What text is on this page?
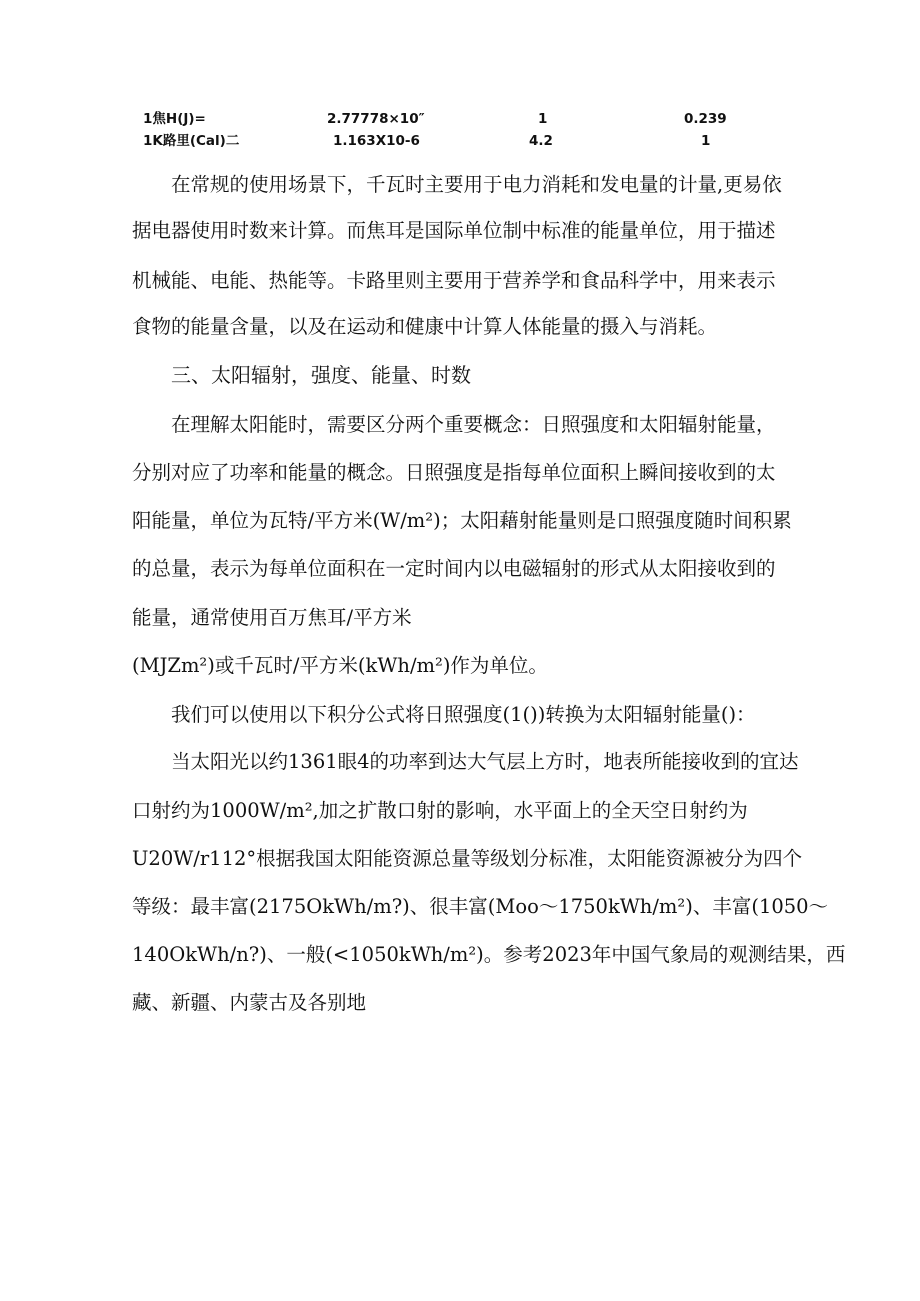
1焦H(J)=	2.77778×10″	1	0.239
1K路里(Cal)二	1.163X10-6	4.2	1
在常规的使用场景下，千瓦时主要用于电力消耗和发电量的计量,更易依
据电器使用时数来计算。而焦耳是国际单位制中标准的能量单位，用于描述
机械能、电能、热能等。卡路里则主要用于营养学和食品科学中，用来表示
食物的能量含量，以及在运动和健康中计算人体能量的摄入与消耗。
三、太阳辐射，强度、能量、时数
在理解太阳能时，需要区分两个重要概念：日照强度和太阳辐射能量，
分别对应了功率和能量的概念。日照强度是指每单位面积上瞬间接收到的太
阳能量，单位为瓦特/平方米(W∕m²)；太阳藉射能量则是口照强度随时间积累
的总量，表示为每单位面积在一定时间内以电磁辐射的形式从太阳接收到的
能量，通常使用百万焦耳/平方米
(MJZm²)或千瓦时/平方米(kWh∕m²)作为单位。
我们可以使用以下积分公式将日照强度(1())转换为太阳辐射能量()：
当太阳光以约1361眼4的功率到达大气层上方时，地表所能接收到的宜达
口射约为1000W∕m²,加之扩散口射的影响，水平面上的全天空日射约为
U20W∕r112°根据我国太阳能资源总量等级划分标准，太阳能资源被分为四个
等级：最丰富(2175OkWh/m?)、很丰富(Moo〜1750kWh∕m²)、丰富(1050〜
140OkWh/n?)、一般(<1050kWh∕m²)。参考2023年中国气象局的观测结果，西
藏、新疆、内蒙古及各别地
